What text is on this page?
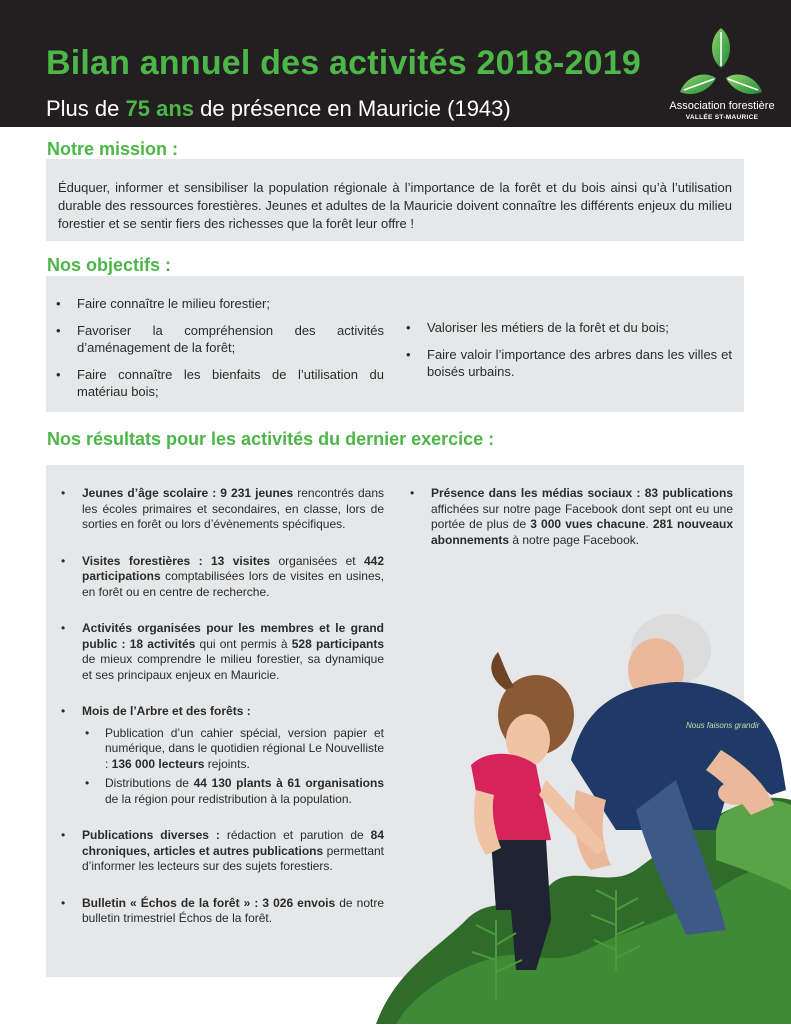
Bilan annuel des activités 2018-2019
Plus de 75 ans de présence en Mauricie (1943)	Association forestière
VALLÉE ST-MAURICE
Notre mission :
Éduquer, informer et sensibiliser la population régionale à l’importance de la forêt et du bois ainsi qu’à l’utilisation durable des ressources forestières. Jeunes et adultes de la Mauricie doivent connaître les différents enjeux du milieu forestier et se sentir fiers des richesses que la forêt leur offre !
Nos objectifs :
• Faire connaître le milieu forestier;
• Favoriser la compréhension des activités d’aménagement de la forêt;
• Faire connaître les bienfaits de l’utilisation du matériau bois;
• Valoriser les métiers de la forêt et du bois;
• Faire valoir l’importance des arbres dans les villes et boisés urbains.
Nos résultats pour les activités du dernier exercice :
• Jeunes d’âge scolaire : 9 231 jeunes rencontrés dans les écoles primaires et secondaires, en classe, lors de sorties en forêt ou lors d’évènements spécifiques.
• Visites forestières : 13 visites organisées et 442 participations comptabilisées lors de visites en usines, en forêt ou en centre de recherche.
• Activités organisées pour les membres et le grand public : 18 activités qui ont permis à 528 participants de mieux comprendre le milieu forestier, sa dynamique et ses principaux enjeux en Mauricie.
• Mois de l’Arbre et des forêts :
• Publication d’un cahier spécial, version papier et numérique, dans le quotidien régional Le Nouvelliste : 136 000 lecteurs rejoints.
• Distributions de 44 130 plants à 61 organisations de la région pour redistribution à la population.
• Publications diverses : rédaction et parution de 84 chroniques, articles et autres publications permettant d’informer les lecteurs sur des sujets forestiers.
• Bulletin « Échos de la forêt » : 3 026 envois de notre bulletin trimestriel Échos de la forêt.
• Présence dans les médias sociaux : 83 publications affichées sur notre page Facebook dont sept ont eu une portée de plus de 3 000 vues chacune. 281 nouveaux abonnements à notre page Facebook.
Nous faisons grandir
